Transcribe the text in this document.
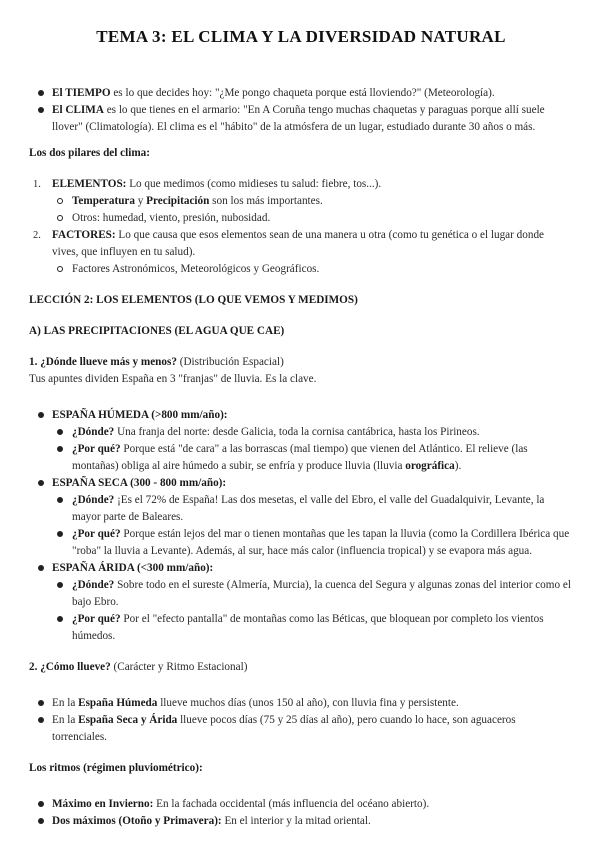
TEMA 3: EL CLIMA Y LA DIVERSIDAD NATURAL
El TIEMPO es lo que decides hoy: "¿Me pongo chaqueta porque está lloviendo?" (Meteorología).
El CLIMA es lo que tienes en el armario: "En A Coruña tengo muchas chaquetas y paraguas porque allí suele llover" (Climatología). El clima es el "hábito" de la atmósfera de un lugar, estudiado durante 30 años o más.

Los dos pilares del clima:

1. ELEMENTOS: Lo que medimos (como midieses tu salud: fiebre, tos...).
Temperatura y Precipitación son los más importantes.
Otros: humedad, viento, presión, nubosidad.
2. FACTORES: Lo que causa que esos elementos sean de una manera u otra (como tu genética o el lugar donde vives, que influyen en tu salud).
Factores Astronómicos, Meteorológicos y Geográficos.

LECCIÓN 2: LOS ELEMENTOS (LO QUE VEMOS Y MEDIMOS)

A) LAS PRECIPITACIONES (EL AGUA QUE CAE)

1. ¿Dónde llueve más y menos? (Distribución Espacial)

Tus apuntes dividen España en 3 "franjas" de lluvia. Es la clave.

ESPAÑA HÚMEDA (>800 mm/año):
¿Dónde? Una franja del norte: desde Galicia, toda la cornisa cantábrica, hasta los Pirineos.
¿Por qué? Porque está "de cara" a las borrascas (mal tiempo) que vienen del Atlántico. El relieve (las montañas) obliga al aire húmedo a subir, se enfría y produce lluvia (lluvia orográfica).
ESPAÑA SECA (300 - 800 mm/año):
¿Dónde? ¡Es el 72% de España! Las dos mesetas, el valle del Ebro, el valle del Guadalquivir, Levante, la mayor parte de Baleares.
¿Por qué? Porque están lejos del mar o tienen montañas que les tapan la lluvia (como la Cordillera Ibérica que "roba" la lluvia a Levante). Además, al sur, hace más calor (influencia tropical) y se evapora más agua.
ESPAÑA ÁRIDA (<300 mm/año):
¿Dónde? Sobre todo en el sureste (Almería, Murcia), la cuenca del Segura y algunas zonas del interior como el bajo Ebro.
¿Por qué? Por el "efecto pantalla" de montañas como las Béticas, que bloquean por completo los vientos húmedos.

2. ¿Cómo llueve? (Carácter y Ritmo Estacional)

En la España Húmeda llueve muchos días (unos 150 al año), con lluvia fina y persistente.
En la España Seca y Árida llueve pocos días (75 y 25 días al año), pero cuando lo hace, son aguaceros torrenciales.

Los ritmos (régimen pluviométrico):

Máximo en Invierno: En la fachada occidental (más influencia del océano abierto).
Dos máximos (Otoño y Primavera): En el interior y la mitad oriental.
